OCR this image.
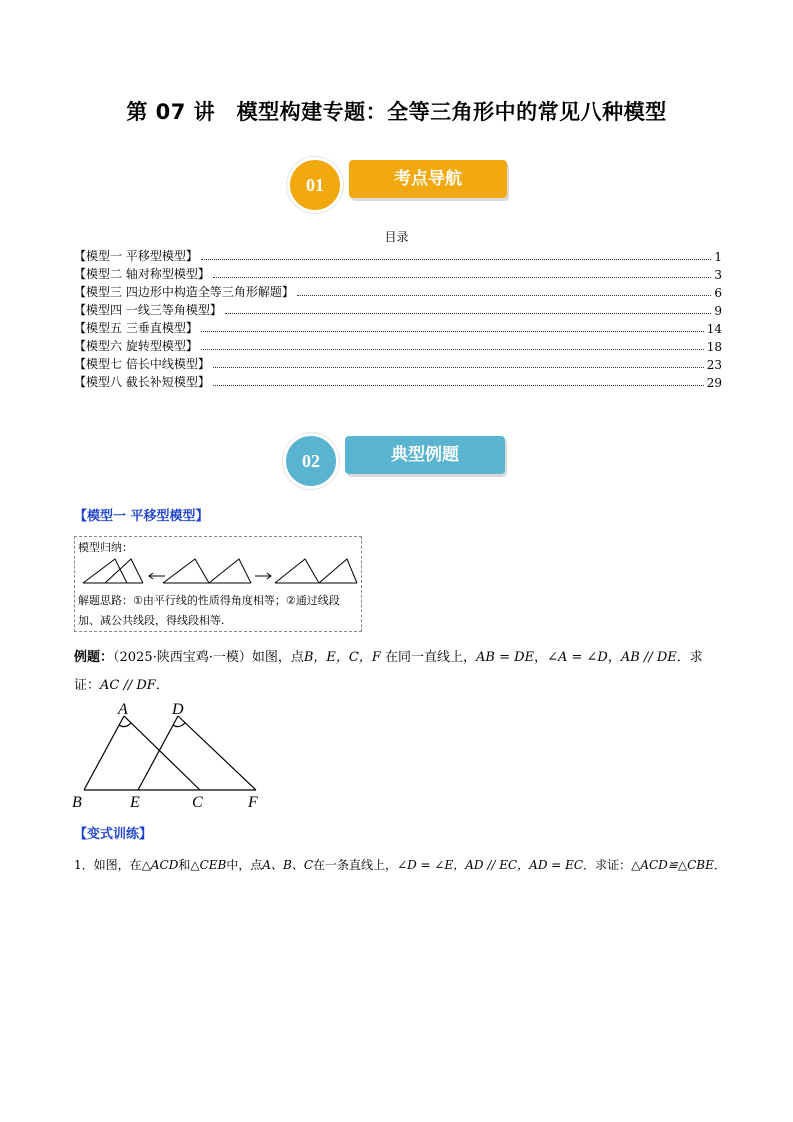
第 07 讲　模型构建专题：全等三角形中的常见八种模型
考点导航
01
典型例题
02
目录
【模型一 平移型模型】	1
【模型二 轴对称型模型】	3
【模型三 四边形中构造全等三角形解题】	6
【模型四 一线三等角模型】	9
【模型五 三垂直模型】	14
【模型六 旋转型模型】	18
【模型七 倍长中线模型】	23
【模型八 截长补短模型】	29
【模型一 平移型模型】
模型归纳：
解题思路：①由平行线的性质得角度相等；②通过线段
加、减公共线段，得线段相等.
例题：（2025·陕西宝鸡·一模）如图，点B，E，C，F 在同一直线上，AB = DE，∠A = ∠D，AB // DE．求
证：AC // DF．
A	D
B	E	C	F
【变式训练】
1．如图，在△ACD和△CEB中，点A、B、C在一条直线上，∠D = ∠E，AD // EC，AD = EC．求证：△ACD≌△CBE．
